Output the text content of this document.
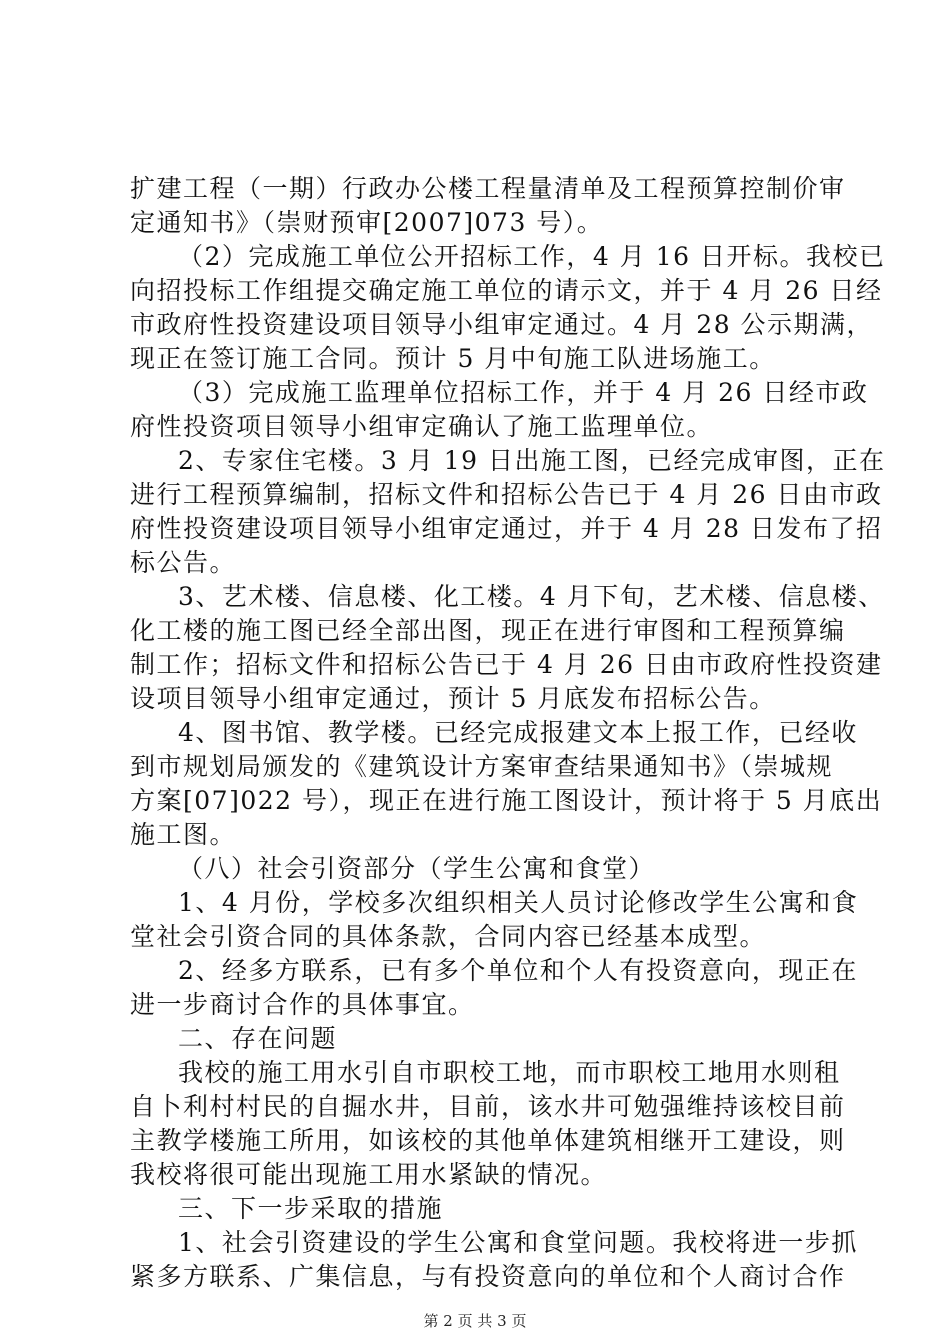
扩建工程（一期）行政办公楼工程量清单及工程预算控制价审
定通知书》（崇财预审[2007]073 号）。
（2）完成施工单位公开招标工作，4 月 16 日开标。我校已
向招投标工作组提交确定施工单位的请示文，并于 4 月 26 日经
市政府性投资建设项目领导小组审定通过。4 月 28 公示期满，
现正在签订施工合同。预计 5 月中旬施工队进场施工。
（3）完成施工监理单位招标工作，并于 4 月 26 日经市政
府性投资项目领导小组审定确认了施工监理单位。
2、专家住宅楼。3 月 19 日出施工图，已经完成审图，正在
进行工程预算编制，招标文件和招标公告已于 4 月 26 日由市政
府性投资建设项目领导小组审定通过，并于 4 月 28 日发布了招
标公告。
3、艺术楼、信息楼、化工楼。4 月下旬，艺术楼、信息楼、
化工楼的施工图已经全部出图，现正在进行审图和工程预算编
制工作；招标文件和招标公告已于 4 月 26 日由市政府性投资建
设项目领导小组审定通过，预计 5 月底发布招标公告。
4、图书馆、教学楼。已经完成报建文本上报工作，已经收
到市规划局颁发的《建筑设计方案审查结果通知书》（崇城规
方案[07]022 号），现正在进行施工图设计，预计将于 5 月底出
施工图。
（八）社会引资部分（学生公寓和食堂）
1、4 月份，学校多次组织相关人员讨论修改学生公寓和食
堂社会引资合同的具体条款，合同内容已经基本成型。
2、经多方联系，已有多个单位和个人有投资意向，现正在
进一步商讨合作的具体事宜。
二、存在问题
我校的施工用水引自市职校工地，而市职校工地用水则租
自卜利村村民的自掘水井，目前，该水井可勉强维持该校目前
主教学楼施工所用，如该校的其他单体建筑相继开工建设，则
我校将很可能出现施工用水紧缺的情况。
三、下一步采取的措施
1、社会引资建设的学生公寓和食堂问题。我校将进一步抓
紧多方联系、广集信息，与有投资意向的单位和个人商讨合作
第 2 页 共 3 页
